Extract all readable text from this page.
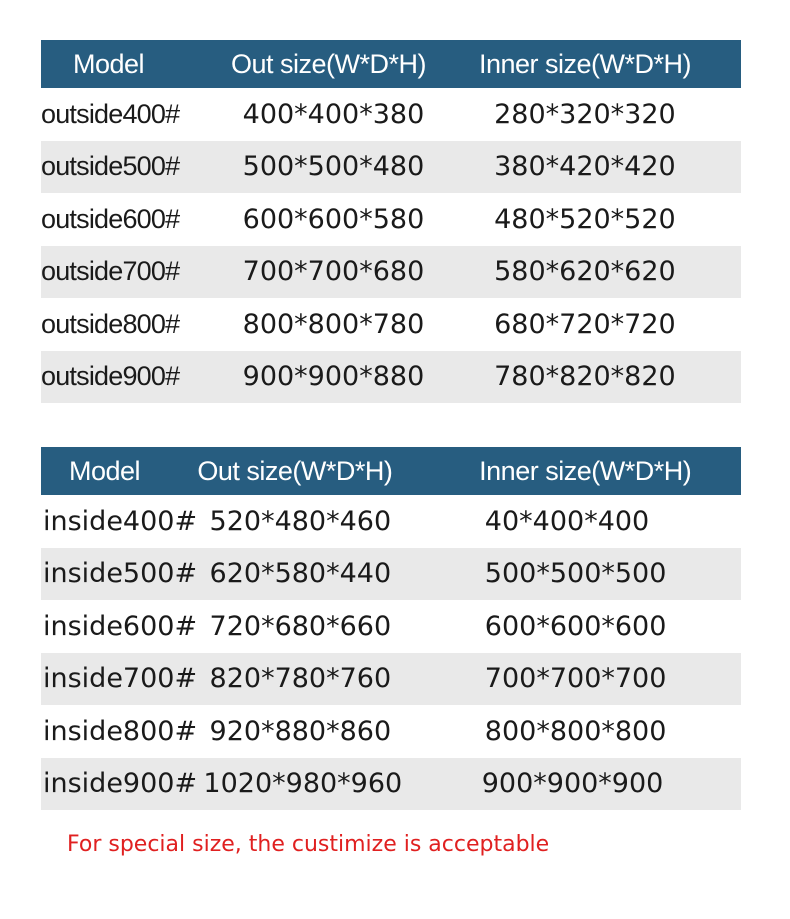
Model	Out size(W*D*H)	Inner size(W*D*H)
outside400#	400*400*380	280*320*320
outside500#	500*500*480	380*420*420
outside600#	600*600*580	480*520*520
outside700#	700*700*680	580*620*620
outside800#	800*800*780	680*720*720
outside900#	900*900*880	780*820*820
Model	Out size(W*D*H)	Inner size(W*D*H)
inside400# 520*480*460	40*400*400
inside500# 620*580*440	500*500*500
inside600# 720*680*660	600*600*600
inside700# 820*780*760	700*700*700
inside800# 920*880*860	800*800*800
inside900# 1020*980*960	900*900*900
For special size, the custimize is acceptable
